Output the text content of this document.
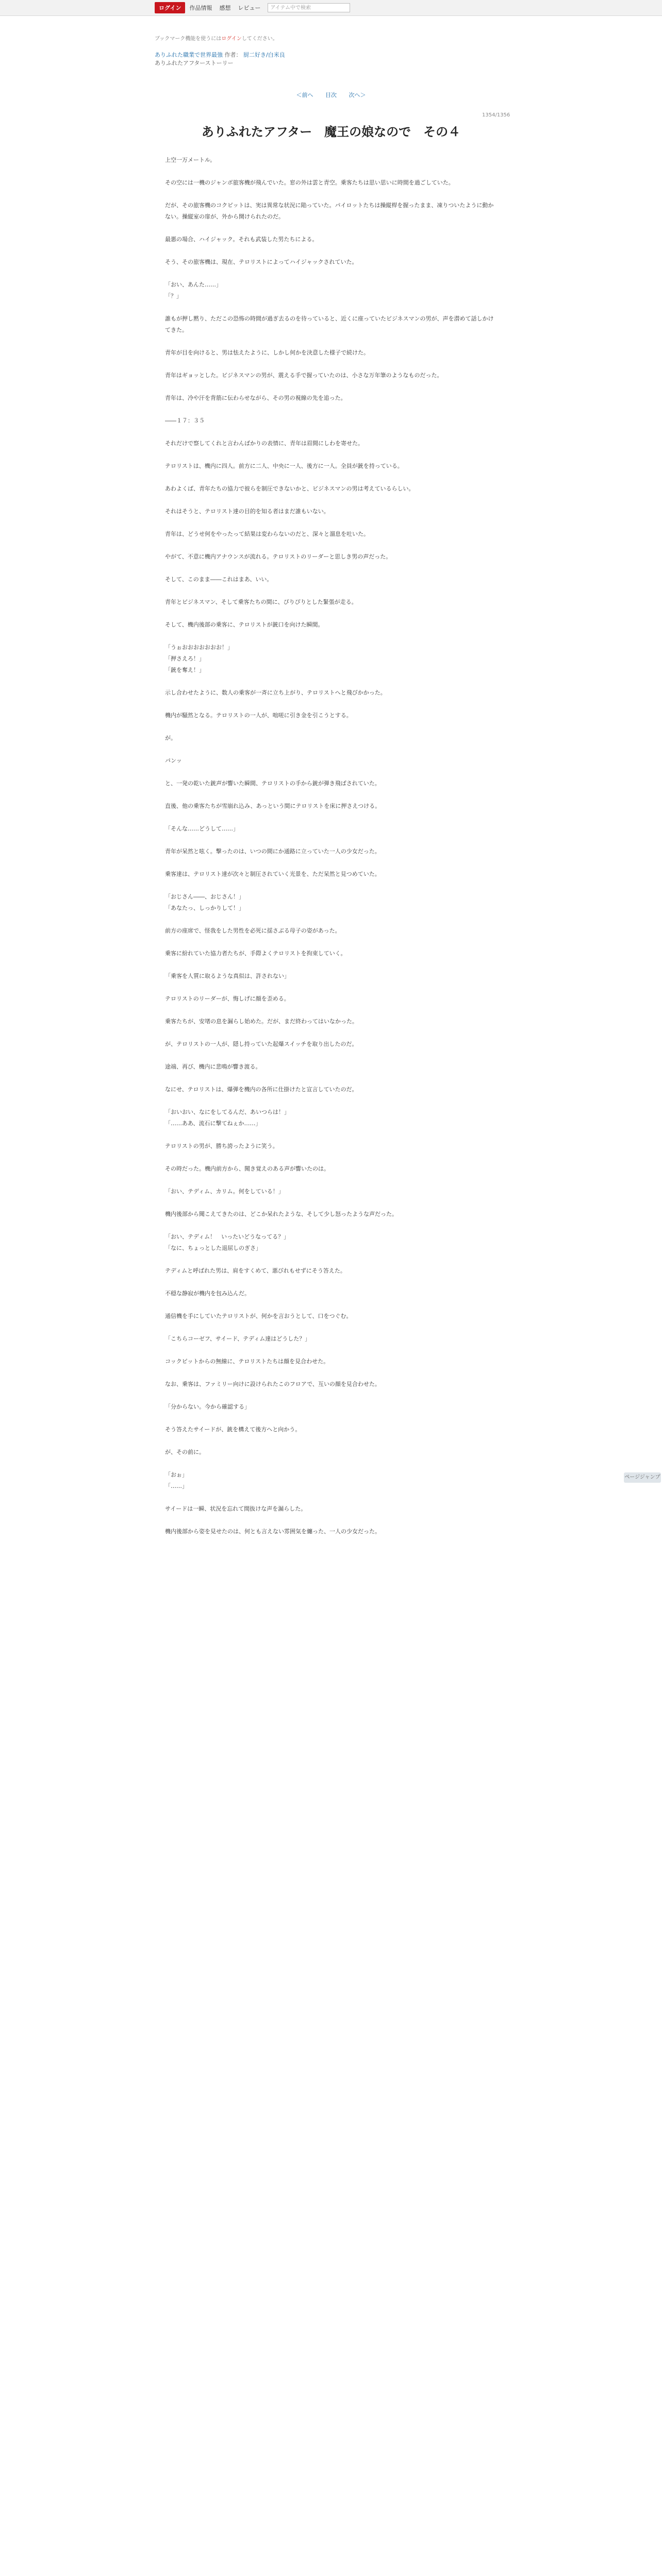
ログイン	作品情報 感想 レビュー	アイテム中で検索
ブックマーク機能を使うにはログインしてください。
ありふれた職業で世界最強 作者： 厨二好き/白米良
ありふれたアフターストーリー
＜前へ 目次 次へ＞
1354/1356
ありふれたアフター　魔王の娘なので　その４

上空一万メートル。

その空には一機のジャンボ旅客機が飛んでいた。窓の外は雲と青空。乗客たちは思い思いに時間を過ごしていた。

だが、その旅客機のコクピットは、実は異常な状況に陥っていた。パイロットたちは操縦桿を握ったまま、凍りついたように動かない。操縦室の扉が、外から開けられたのだ。

最悪の場合、ハイジャック。それも武装した男たちによる。

そう、その旅客機は、現在、テロリストによってハイジャックされていた。

「おい、あんた……」

「？」

誰もが押し黙り、ただこの恐怖の時間が過ぎ去るのを待っていると、近くに座っていたビジネスマンの男が、声を潜めて話しかけてきた。

青年が目を向けると、男は怯えたように、しかし何かを決意した様子で続けた。

青年はギョッとした。ビジネスマンの男が、震える手で握っていたのは、小さな万年筆のようなものだった。

青年は、冷や汗を背筋に伝わらせながら、その男の視線の先を追った。

――１７：３５

それだけで察してくれと言わんばかりの表情に、青年は眉間にしわを寄せた。

テロリストは、機内に四人。前方に二人、中央に一人、後方に一人。全員が銃を持っている。

あわよくば、青年たちの協力で彼らを制圧できないかと、ビジネスマンの男は考えているらしい。

それはそうと、テロリスト達の目的を知る者はまだ誰もいない。

青年は、どうせ何をやったって結果は変わらないのだと、深々と溜息を吐いた。

やがて、不意に機内アナウンスが流れる。テロリストのリーダーと思しき男の声だった。

そして、このまま――これはまあ、いい。

青年とビジネスマン、そして乗客たちの間に、ぴりぴりとした緊張が走る。

そして、機内後部の乗客に、テロリストが銃口を向けた瞬間。

「うぉおおおおおおお！」

「押さえろ！」

「銃を奪え！」

示し合わせたように、数人の乗客が一斉に立ち上がり、テロリストへと飛びかかった。

機内が騒然となる。テロリストの一人が、咄嗟に引き金を引こうとする。

が。

パンッ

と、一発の乾いた銃声が響いた瞬間、テロリストの手から銃が弾き飛ばされていた。

直後、他の乗客たちが雪崩れ込み、あっという間にテロリストを床に押さえつける。

「そんな……どうして……」

青年が呆然と呟く。撃ったのは、いつの間にか通路に立っていた一人の少女だった。

乗客達は、テロリスト達が次々と制圧されていく光景を、ただ呆然と見つめていた。

「おじさん――、おじさん！」

「あなたっ、しっかりして！」

前方の座席で、怪我をした男性を必死に揺さぶる母子の姿があった。

乗客に紛れていた協力者たちが、手際よくテロリストを拘束していく。

「乗客を人質に取るような真似は、許されない」

テロリストのリーダーが、悔しげに顔を歪める。

乗客たちが、安堵の息を漏らし始めた。だが、まだ終わってはいなかった。

が、テロリストの一人が、隠し持っていた起爆スイッチを取り出したのだ。

途端、再び、機内に悲鳴が響き渡る。

なにせ、テロリストは、爆弾を機内の各所に仕掛けたと宣言していたのだ。

「おいおい、なにをしてるんだ、あいつらは！」

「……ああ、流石に撃てねぇか……」

テロリストの男が、勝ち誇ったように笑う。

その時だった。機内前方から、聞き覚えのある声が響いたのは。

「おい、テディム、カリム。何をしている！」

機内後部から聞こえてきたのは、どこか呆れたような、そして少し怒ったような声だった。

「おい、テディム！　いったいどうなってる？」

「なに、ちょっとした退屈しのぎさ」

テディムと呼ばれた男は、肩をすくめて、悪びれもせずにそう答えた。

不穏な静寂が機内を包み込んだ。

通信機を手にしていたテロリストが、何かを言おうとして、口をつぐむ。

「こちらコーゼフ、サイード、テディム達はどうした？」

コックピットからの無線に、テロリストたちは顔を見合わせた。

なお、乗客は、ファミリー向けに設けられたこのフロアで、互いの顔を見合わせた。

「分からない。今から確認する」

そう答えたサイードが、銃を構えて後方へと向かう。

が、その前に。

「おぉ」

「……」

サイードは一瞬、状況を忘れて間抜けな声を漏らした。

機内後部から姿を見せたのは、何とも言えない雰囲気を纏った、一人の少女だった。

ページジャンプ
